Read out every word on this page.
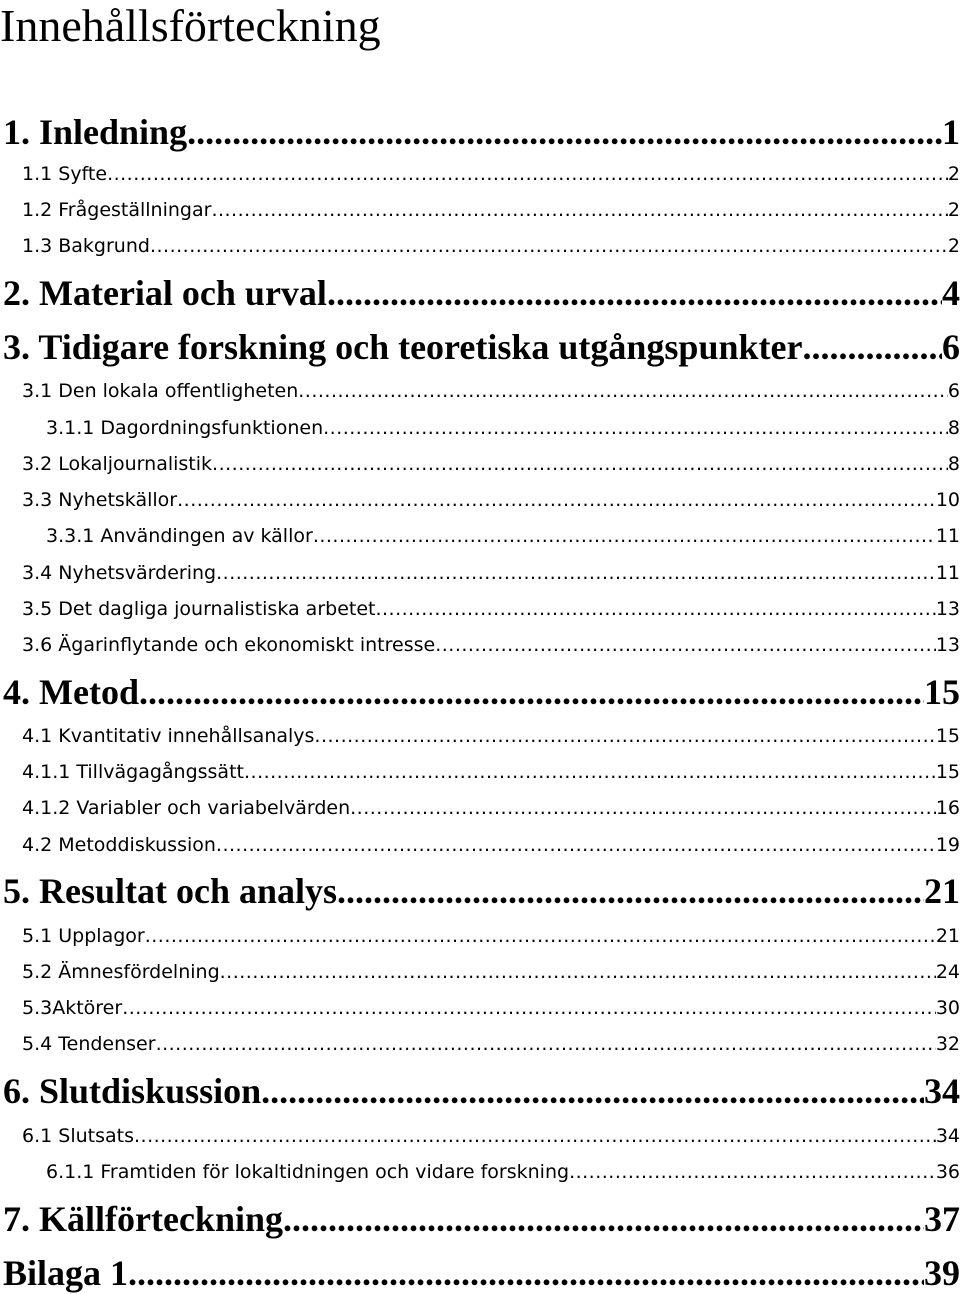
Innehållsförteckning
1. Inledning .....	1
1.1 Syfte .....	2
1.2 Frågeställningar .....	2
1.3 Bakgrund .....	2
2. Material och urval .....	4
3. Tidigare forskning och teoretiska utgångspunkter .....	6
3.1 Den lokala offentligheten .....	6
3.1.1 Dagordningsfunktionen .....	8
3.2 Lokaljournalistik .....	8
3.3 Nyhetskällor .....	10
3.3.1 Användingen av källor .....	11
3.4 Nyhetsvärdering .....	11
3.5 Det dagliga journalistiska arbetet .....	13
3.6 Ägarinflytande och ekonomiskt intresse .....	13
4. Metod .....	15
4.1 Kvantitativ innehållsanalys .....	15
4.1.1 Tillvägagångssätt .....	15
4.1.2 Variabler och variabelvärden .....	16
4.2 Metoddiskussion .....	19
5. Resultat och analys .....	21
5.1 Upplagor .....	21
5.2 Ämnesfördelning .....	24
5.3Aktörer .....	30
5.4 Tendenser .....	32
6. Slutdiskussion .....	34
6.1 Slutsats .....	34
6.1.1 Framtiden för lokaltidningen och vidare forskning .....	36
7. Källförteckning .....	37
Bilaga 1 .....	39
